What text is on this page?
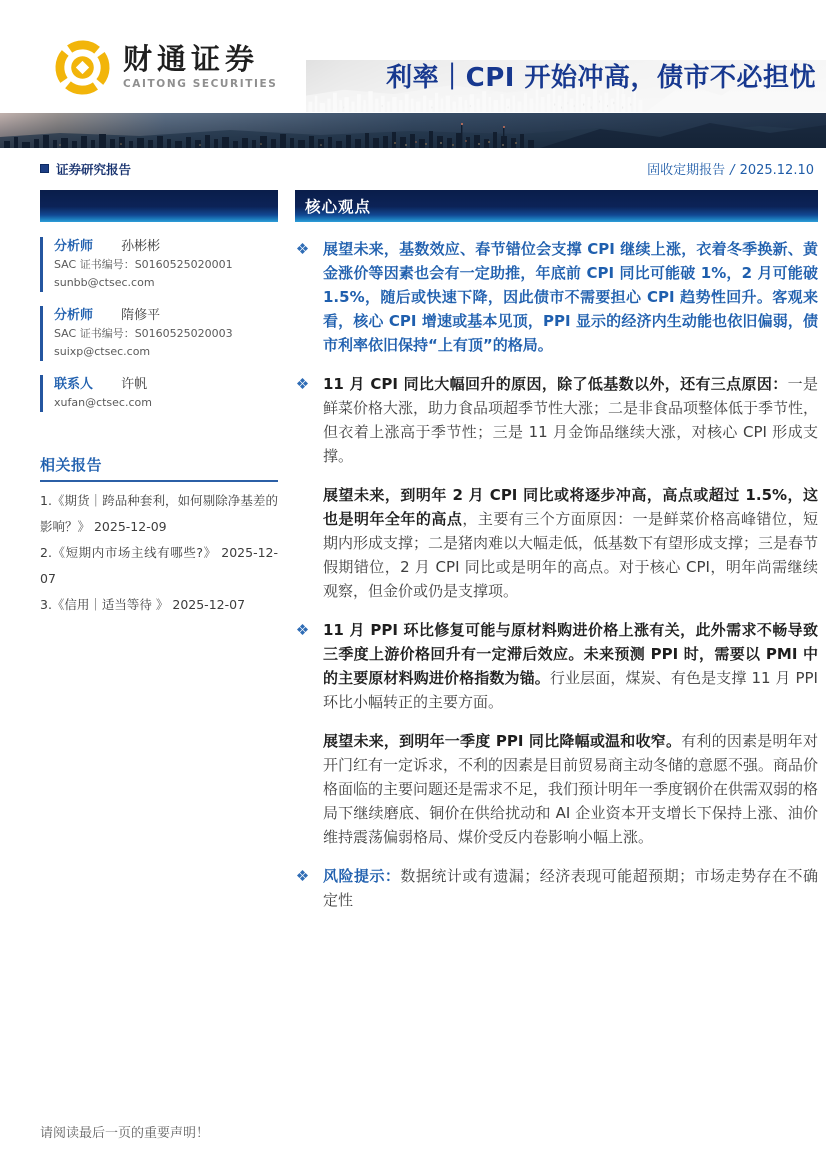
财通证券
CAITONG SECURITIES	利率｜CPI 开始冲高，债市不必担忧
证券研究报告	固收定期报告 / 2025.12.10
分析师 孙彬彬
SAC 证书编号：S0160525020001
sunbb@ctsec.com
分析师 隋修平
SAC 证书编号：S0160525020003
suixp@ctsec.com
联系人 许帆
xufan@ctsec.com
相关报告
1.《期货｜跨品种套利，如何剔除净基差的影响？》 2025-12-09
2.《短期内市场主线有哪些?》 2025-12-07
3.《信用｜适当等待 》 2025-12-07
核心观点
展望未来，基数效应、春节错位会支撑 CPI 继续上涨，衣着冬季换新、黄金涨价等因素也会有一定助推，年底前 CPI 同比可能破 1%，2 月可能破 1.5%，随后或快速下降，因此债市不需要担心 CPI 趋势性回升。客观来看，核心 CPI 增速或基本见顶，PPI 显示的经济内生动能也依旧偏弱，债市利率依旧保持“上有顶”的格局。
11 月 CPI 同比大幅回升的原因，除了低基数以外，还有三点原因：一是鲜菜价格大涨，助力食品项超季节性大涨；二是非食品项整体低于季节性，但衣着上涨高于季节性；三是 11 月金饰品继续大涨，对核心 CPI 形成支撑。
展望未来，到明年 2 月 CPI 同比或将逐步冲高，高点或超过 1.5%，这也是明年全年的高点，主要有三个方面原因：一是鲜菜价格高峰错位，短期内形成支撑；二是猪肉难以大幅走低，低基数下有望形成支撑；三是春节假期错位，2 月 CPI 同比或是明年的高点。对于核心 CPI，明年尚需继续观察，但金价或仍是支撑项。
11 月 PPI 环比修复可能与原材料购进价格上涨有关，此外需求不畅导致三季度上游价格回升有一定滞后效应。未来预测 PPI 时，需要以 PMI 中的主要原材料购进价格指数为锚。行业层面，煤炭、有色是支撑 11 月 PPI 环比小幅转正的主要方面。
展望未来，到明年一季度 PPI 同比降幅或温和收窄。有利的因素是明年对开门红有一定诉求，不利的因素是目前贸易商主动冬储的意愿不强。商品价格面临的主要问题还是需求不足，我们预计明年一季度钢价在供需双弱的格局下继续磨底、铜价在供给扰动和 AI 企业资本开支增长下保持上涨、油价维持震荡偏弱格局、煤价受反内卷影响小幅上涨。
风险提示：数据统计或有遗漏；经济表现可能超预期；市场走势存在不确定性
请阅读最后一页的重要声明！
